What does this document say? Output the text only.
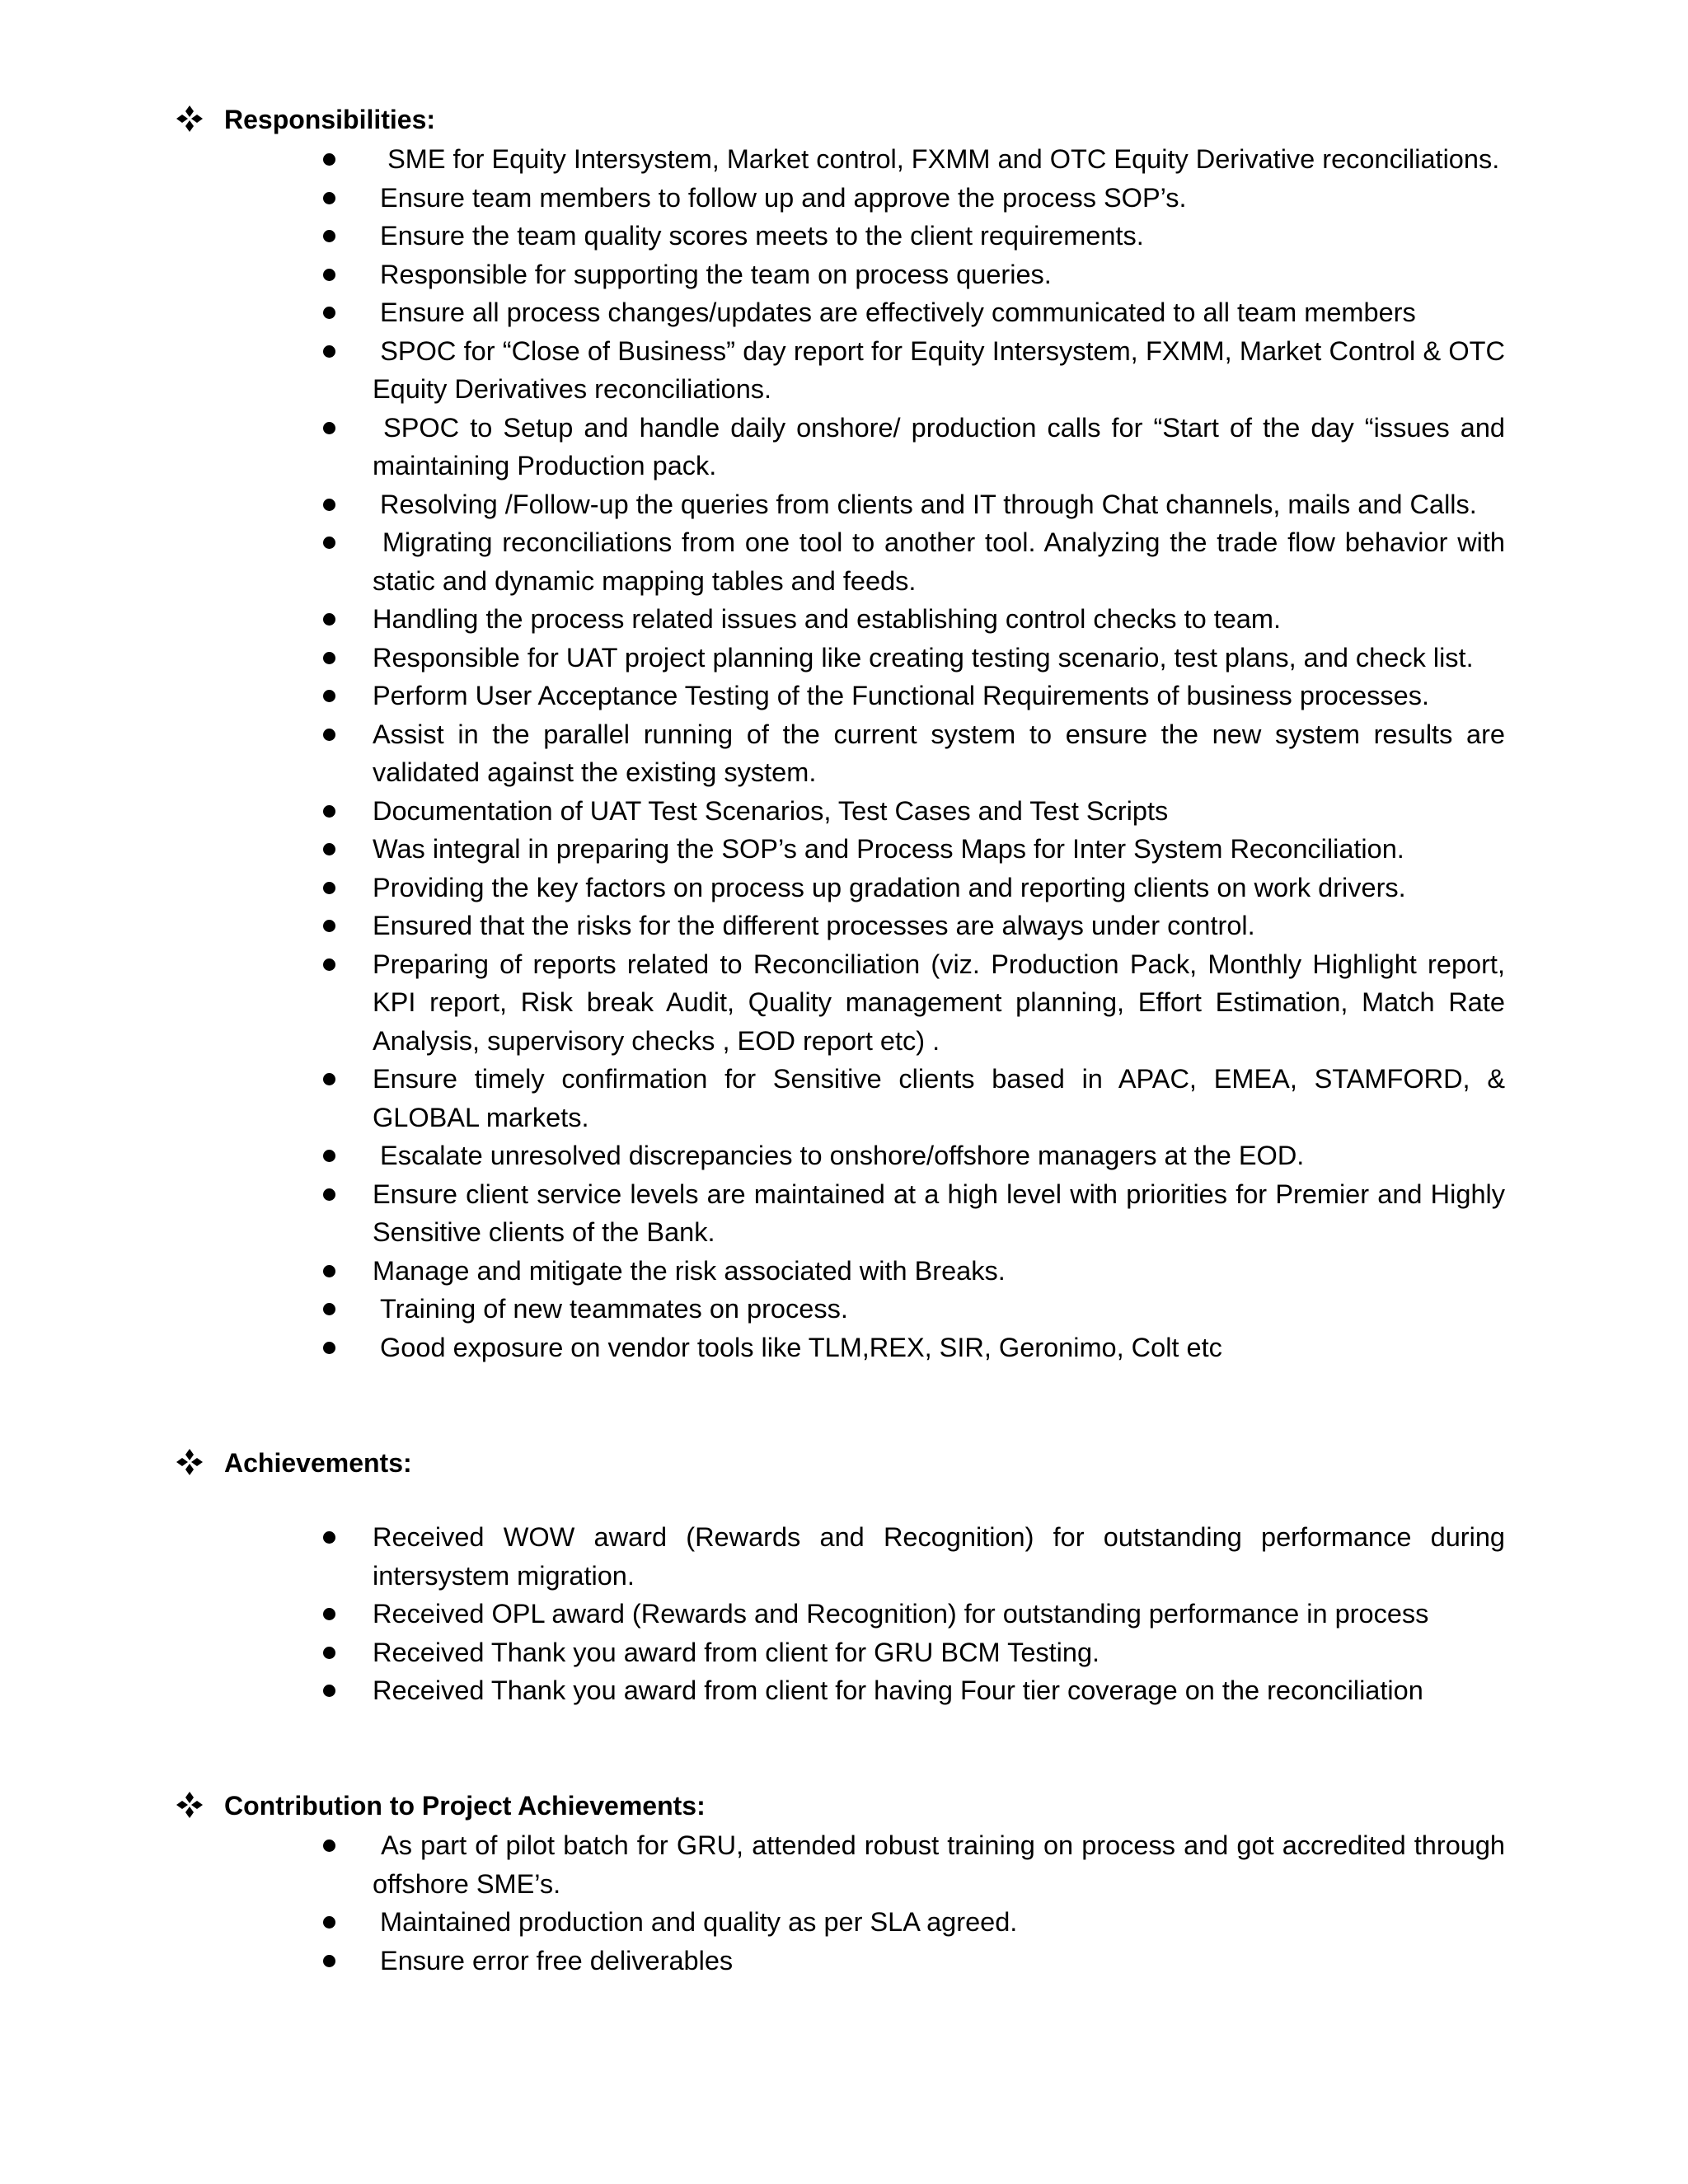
Responsibilities:
SME for Equity Intersystem, Market control, FXMM and OTC Equity Derivative reconciliations.
Ensure team members to follow up and approve the process SOP’s.
Ensure the team quality scores meets to the client requirements.
Responsible for supporting the team on process queries.
Ensure all process changes/updates are effectively communicated to all team members
SPOC for “Close of Business” day report for Equity Intersystem, FXMM, Market Control & OTC Equity Derivatives reconciliations.
SPOC to Setup and handle daily onshore/ production calls for “Start of the day “issues and maintaining Production pack.
Resolving /Follow-up the queries from clients and IT through Chat channels, mails and Calls.
Migrating reconciliations from one tool to another tool. Analyzing the trade flow behavior with static and dynamic mapping tables and feeds.
Handling the process related issues and establishing control checks to team.
Responsible for UAT project planning like creating testing scenario, test plans, and check list.
Perform User Acceptance Testing of the Functional Requirements of business processes.
Assist in the parallel running of the current system to ensure the new system results are validated against the existing system.
Documentation of UAT Test Scenarios, Test Cases and Test Scripts
Was integral in preparing the SOP’s and Process Maps for Inter System Reconciliation.
Providing the key factors on process up gradation and reporting clients on work drivers.
Ensured that the risks for the different processes are always under control.
Preparing of reports related to Reconciliation (viz. Production Pack, Monthly Highlight report, KPI report, Risk break Audit, Quality management planning, Effort Estimation, Match Rate Analysis, supervisory checks , EOD report etc) .
Ensure timely confirmation for Sensitive clients based in APAC, EMEA, STAMFORD, & GLOBAL markets.
Escalate unresolved discrepancies to onshore/offshore managers at the EOD.
Ensure client service levels are maintained at a high level with priorities for Premier and Highly Sensitive clients of the Bank.
Manage and mitigate the risk associated with Breaks.
Training of new teammates on process.
Good exposure on vendor tools like TLM,REX, SIR, Geronimo, Colt etc
Achievements:
Received WOW award (Rewards and Recognition) for outstanding performance during intersystem migration.
Received OPL award (Rewards and Recognition) for outstanding performance in process
Received Thank you award from client for GRU BCM Testing.
Received Thank you award from client for having Four tier coverage on the reconciliation
Contribution to Project Achievements:
As part of pilot batch for GRU, attended robust training on process and got accredited through offshore SME’s.
Maintained production and quality as per SLA agreed.
Ensure error free deliverables
